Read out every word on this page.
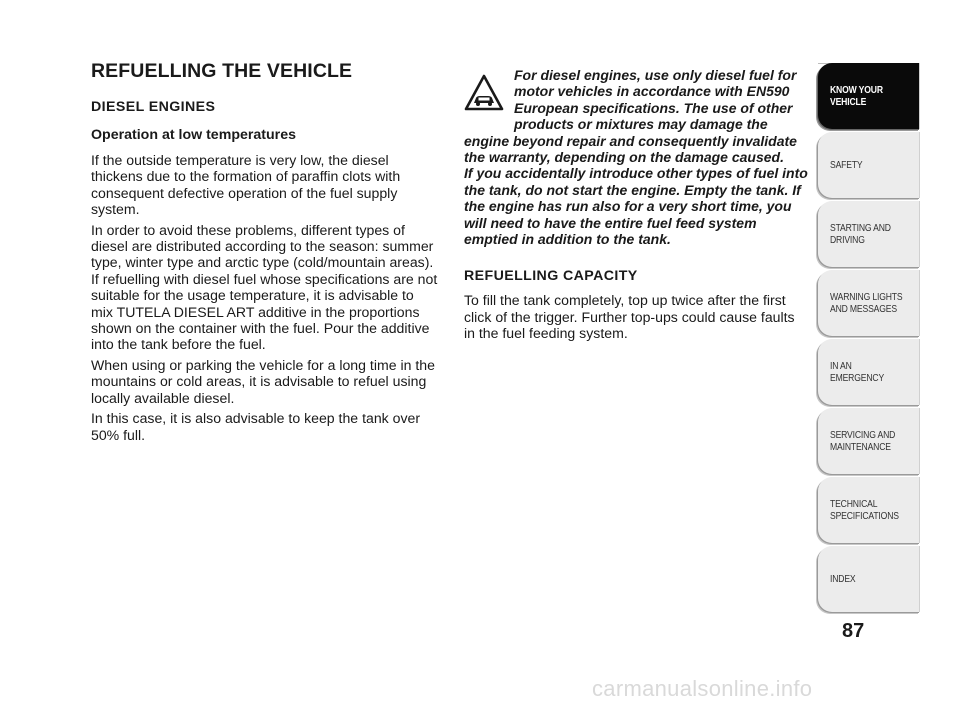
REFUELLING THE VEHICLE
DIESEL ENGINES
Operation at low temperatures

If the outside temperature is very low, the diesel thickens due to the formation of paraffin clots with consequent defective operation of the fuel supply system.

In order to avoid these problems, different types of diesel are distributed according to the season: summer type, winter type and arctic type (cold/mountain areas). If refuelling with diesel fuel whose specifications are not suitable for the usage temperature, it is advisable to mix TUTELA DIESEL ART additive in the proportions shown on the container with the fuel. Pour the additive into the tank before the fuel.

When using or parking the vehicle for a long time in the mountains or cold areas, it is advisable to refuel using locally available diesel.

In this case, it is also advisable to keep the tank over 50% full.

For diesel engines, use only diesel fuel for motor vehicles in accordance with EN590 European specifications. The use of other products or mixtures may damage the engine beyond repair and consequently invalidate the warranty, depending on the damage caused.

If you accidentally introduce other types of fuel into the tank, do not start the engine. Empty the tank. If the engine has run also for a very short time, you will need to have the entire fuel feed system emptied in addition to the tank.

REFUELLING CAPACITY

To fill the tank completely, top up twice after the first click of the trigger. Further top-ups could cause faults in the fuel feeding system.

KNOW YOUR
VEHICLE
SAFETY
STARTING AND
DRIVING
WARNING LIGHTS
AND MESSAGES
IN AN EMERGENCY
SERVICING AND
MAINTENANCE
TECHNICAL
SPECIFICATIONS
INDEX
87
carmanualsonline.info
